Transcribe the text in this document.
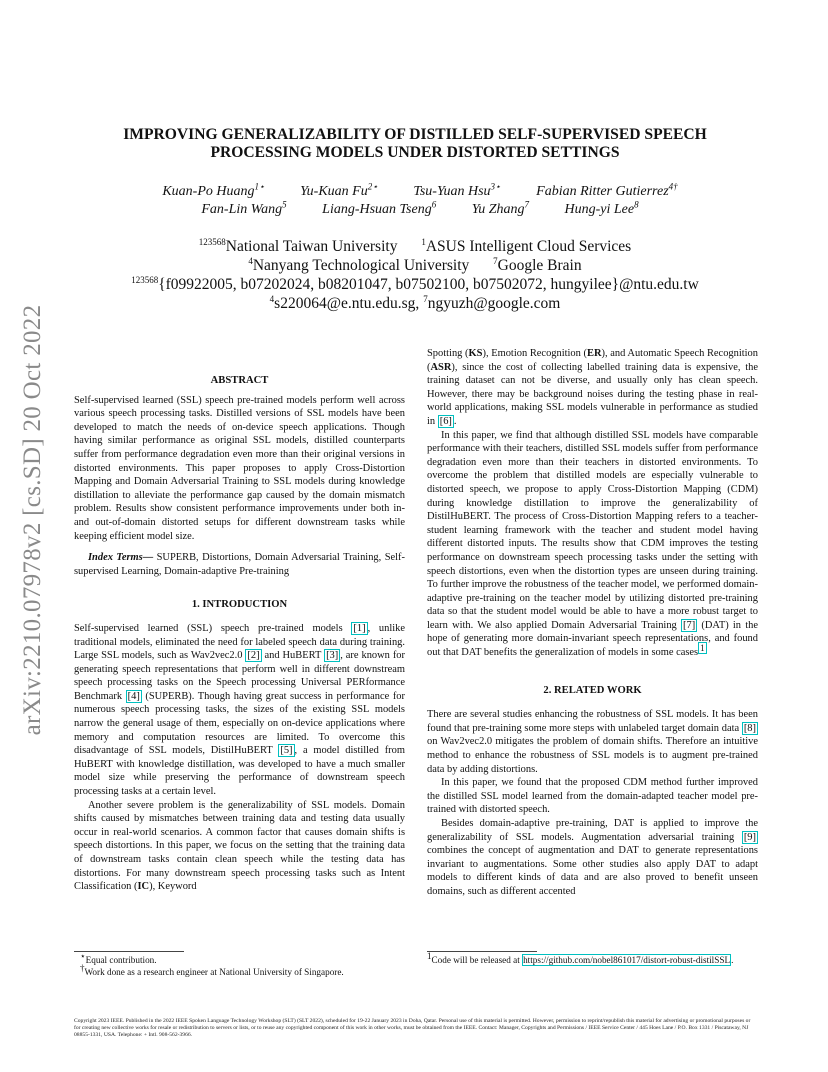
arXiv:2210.07978v2 [cs.SD] 20 Oct 2022
IMPROVING GENERALIZABILITY OF DISTILLED SELF-SUPERVISED SPEECH
PROCESSING MODELS UNDER DISTORTED SETTINGS
Kuan-Po Huang$^{1⋆}$	Yu-Kuan $Fu^{2⋆}$	Tsu-Yuan Hsu$^{3⋆}$	Fabian Ritter Gutierrez$^{4\dagger}$
Fan-Lin Wang$^5$	Liang-Hsuan Tseng$^6$	Yu Zhang$^7$	Hung-yi Lee$^8$
$^{123568}$National Taiwan University	$^1$ASUS Intelligent Cloud Services
$^4$Nanyang Technological University	$^7$Google Brain
$^{123568}${f09922005, b07202024, b08201047, b07502100, b07502072, hungyilee}@ntu.edu.tw
$^4$s220064@e.ntu.edu.sg, $^7$ngyuzh@google.com
ABSTRACT

Self-supervised learned (SSL) speech pre-trained models perform well across various speech processing tasks. Distilled versions of SSL models have been developed to match the needs of on-device speech applications. Though having similar performance as original SSL models, distilled counterparts suffer from performance degradation even more than their original versions in distorted environments. This paper proposes to apply Cross-Distortion Mapping and Domain Adversarial Training to SSL models during knowledge distillation to alleviate the performance gap caused by the domain mismatch problem. Results show consistent performance improvements under both in- and out-of-domain distorted setups for different downstream tasks while keeping efficient model size.

Index Terms— SUPERB, Distortions, Domain Adversarial Training, Self-supervised Learning, Domain-adaptive Pre-training

1. INTRODUCTION

Self-supervised learned (SSL) speech pre-trained models [1] , unlike traditional models, eliminated the need for labeled speech data during training. Large SSL models, such as Wav2vec2.0 [2] and HuBERT [3] , are known for generating speech representations that perform well in different downstream speech processing tasks on the Speech processing Universal PERformance Benchmark [4] (SUPERB). Though having great success in performance for numerous speech processing tasks, the sizes of the existing SSL models narrow the general usage of them, especially on on-device applications where memory and computation resources are limited. To overcome this disadvantage of SSL models, DistilHuBERT [5] , a model distilled from HuBERT with knowledge distillation, was developed to have a much smaller model size while preserving the performance of downstream speech processing tasks at a certain level.

Another severe problem is the generalizability of SSL models. Domain shifts caused by mismatches between training data and testing data usually occur in real-world scenarios. A common factor that causes domain shifts is speech distortions. In this paper, we focus on the setting that the training data of downstream tasks contain clean speech while the testing data has distortions. For many downstream speech processing tasks such as Intent Classification (IC), Keyword

⋆Equal contribution.
†Work done as a research engineer at National University of Singapore.

Spotting (KS), Emotion Recognition (ER), and Automatic Speech Recognition (ASR), since the cost of collecting labelled training data is expensive, the training dataset can not be diverse, and usually only has clean speech. However, there may be background noises during the testing phase in real-world applications, making SSL models vulnerable in performance as studied in [6] .

In this paper, we find that although distilled SSL models have comparable performance with their teachers, distilled SSL models suffer from performance degradation even more than their teachers in distorted environments. To overcome the problem that distilled models are especially vulnerable to distorted speech, we propose to apply Cross-Distortion Mapping (CDM) during knowledge distillation to improve the generalizability of DistilHuBERT. The process of Cross-Distortion Mapping refers to a teacher-student learning framework with the teacher and student model having different distorted inputs. The results show that CDM improves the testing performance on downstream speech processing tasks under the setting with speech distortions, even when the distortion types are unseen during training. To further improve the robustness of the teacher model, we performed domain-adaptive pre-training on the teacher model by utilizing distorted pre-training data so that the student model would be able to have a more robust target to learn with. We also applied Domain Adversarial Training [7] (DAT) in the hope of generating more domain-invariant speech representations, and found out that DAT benefits the generalization of models in some cases $^1$

2. RELATED WORK

There are several studies enhancing the robustness of SSL models. It has been found that pre-training some more steps with unlabeled target domain data [8] on Wav2vec2.0 mitigates the problem of domain shifts. Therefore an intuitive method to enhance the robustness of SSL models is to augment pre-trained data by adding distortions.

In this paper, we found that the proposed CDM method further improved the distilled SSL model learned from the domain-adapted teacher model pre-trained with distorted speech.

Besides domain-adaptive pre-training, DAT is applied to improve the generalizability of SSL models. Augmentation adversarial training [9] combines the concept of augmentation and DAT to generate representations invariant to augmentations. Some other studies also apply DAT to adapt models to different kinds of data and are also proved to benefit unseen domains, such as different accented

$^1$Code will be released at https://github.com/nobel861017/distort-robust-distilSSL.
Copyright 2023 IEEE. Published in the 2022 IEEE Spoken Language Technology Workshop (SLT) (SLT 2022), scheduled for 19-22 January 2023 in Doha, Qatar. Personal use of this material is permitted. However, permission to reprint/republish this material for advertising or promotional purposes or for creating new collective works for resale or redistribution to servers or lists, or to reuse any copyrighted component of this work in other works, must be obtained from the IEEE. Contact: Manager, Copyrights and Permissions / IEEE Service Center / 445 Hoes Lane / P.O. Box 1331 / Piscataway, NJ 08855-1331, USA. Telephone: + Intl. 908-562-3966.
